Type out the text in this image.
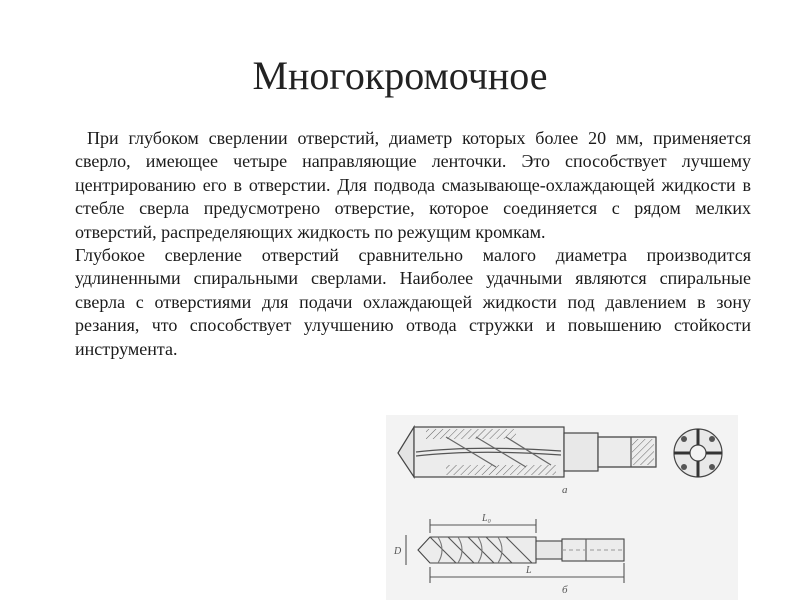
Многокромочное

При глубоком сверлении отверстий, диаметр которых более 20 мм, применяется сверло, имеющее четыре направляющие ленточки. Это способствует лучшему центрированию его в отверстии. Для подвода смазывающе-охлаждающей жидкости в стебле сверла предусмотрено отверстие, которое соединяется с рядом мелких отверстий, распределяющих жидкость по режущим кромкам.

Глубокое сверление отверстий сравнительно малого диаметра производится удлиненными спиральными сверлами. Наиболее удачными являются спиральные сверла с отверстиями для подачи охлаждающей жидкости под давлением в зону резания, что способствует улучшению отвода стружки и повышению стойкости инструмента.

а
L₀
D
L
б
